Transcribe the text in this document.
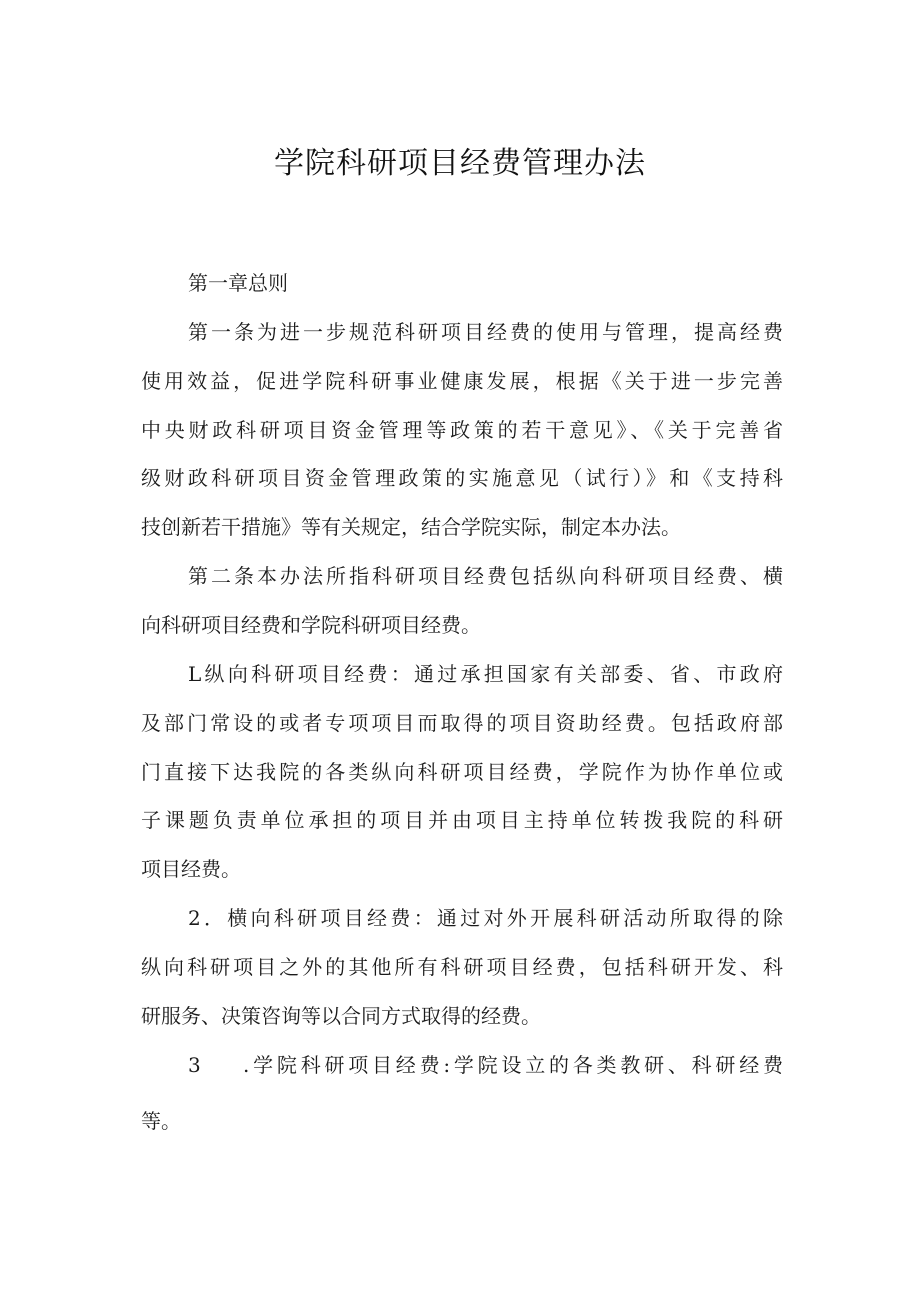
学院科研项目经费管理办法

第一章总则

第一条为进一步规范科研项目经费的使用与管理，提高经费

使用效益，促进学院科研事业健康发展，根据《关于进一步完善

中央财政科研项目资金管理等政策的若干意见》、《关于完善省

级财政科研项目资金管理政策的实施意见（试行）》和《支持科

技创新若干措施》等有关规定，结合学院实际，制定本办法。

第二条本办法所指科研项目经费包括纵向科研项目经费、横

向科研项目经费和学院科研项目经费。

L纵向科研项目经费：通过承担国家有关部委、省、市政府

及部门常设的或者专项项目而取得的项目资助经费。包括政府部

门直接下达我院的各类纵向科研项目经费，学院作为协作单位或

子课题负责单位承担的项目并由项目主持单位转拨我院的科研

项目经费。

2．横向科研项目经费：通过对外开展科研活动所取得的除

纵向科研项目之外的其他所有科研项目经费，包括科研开发、科

研服务、决策咨询等以合同方式取得的经费。

3 .学院科研项目经费:学院设立的各类教研、科研经费

等。
